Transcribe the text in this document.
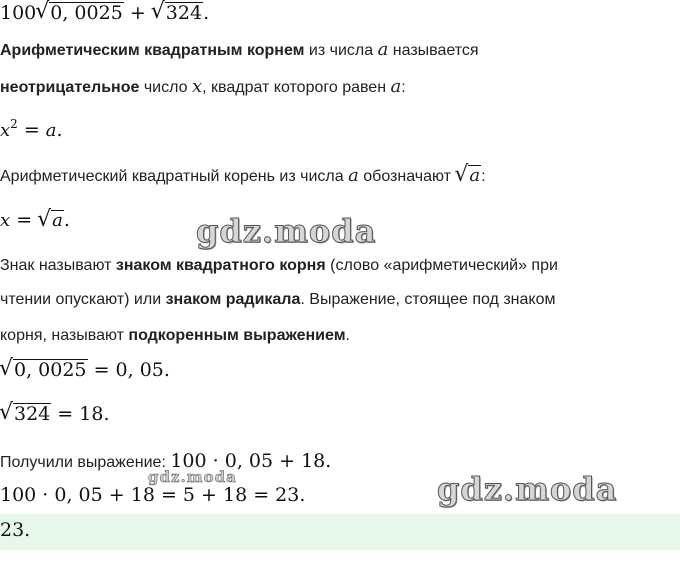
100√ 0, 0025 + √ 324.
Арифметическим квадратным корнем из числа a называется
неотрицательное число x, квадрат которого равен a:
$x^2 = a$.
Арифметический квадратный корень из числа a обозначают √ a:
x = √ a.	gdz.moda
Знак называют знаком квадратного корня (слово «арифметический» при
чтении опускают) или знаком радикала. Выражение, стоящее под знаком
корня, называют подкоренным выражением.
√ 0, 0025 = 0, 05.
√ 324 = 18.
Получили выражение: 100 · 0, 05 + 18.
gdz.moda
100 · 0, 05 + 18 = 5 + 18 = 23.	gdz.moda
23.
